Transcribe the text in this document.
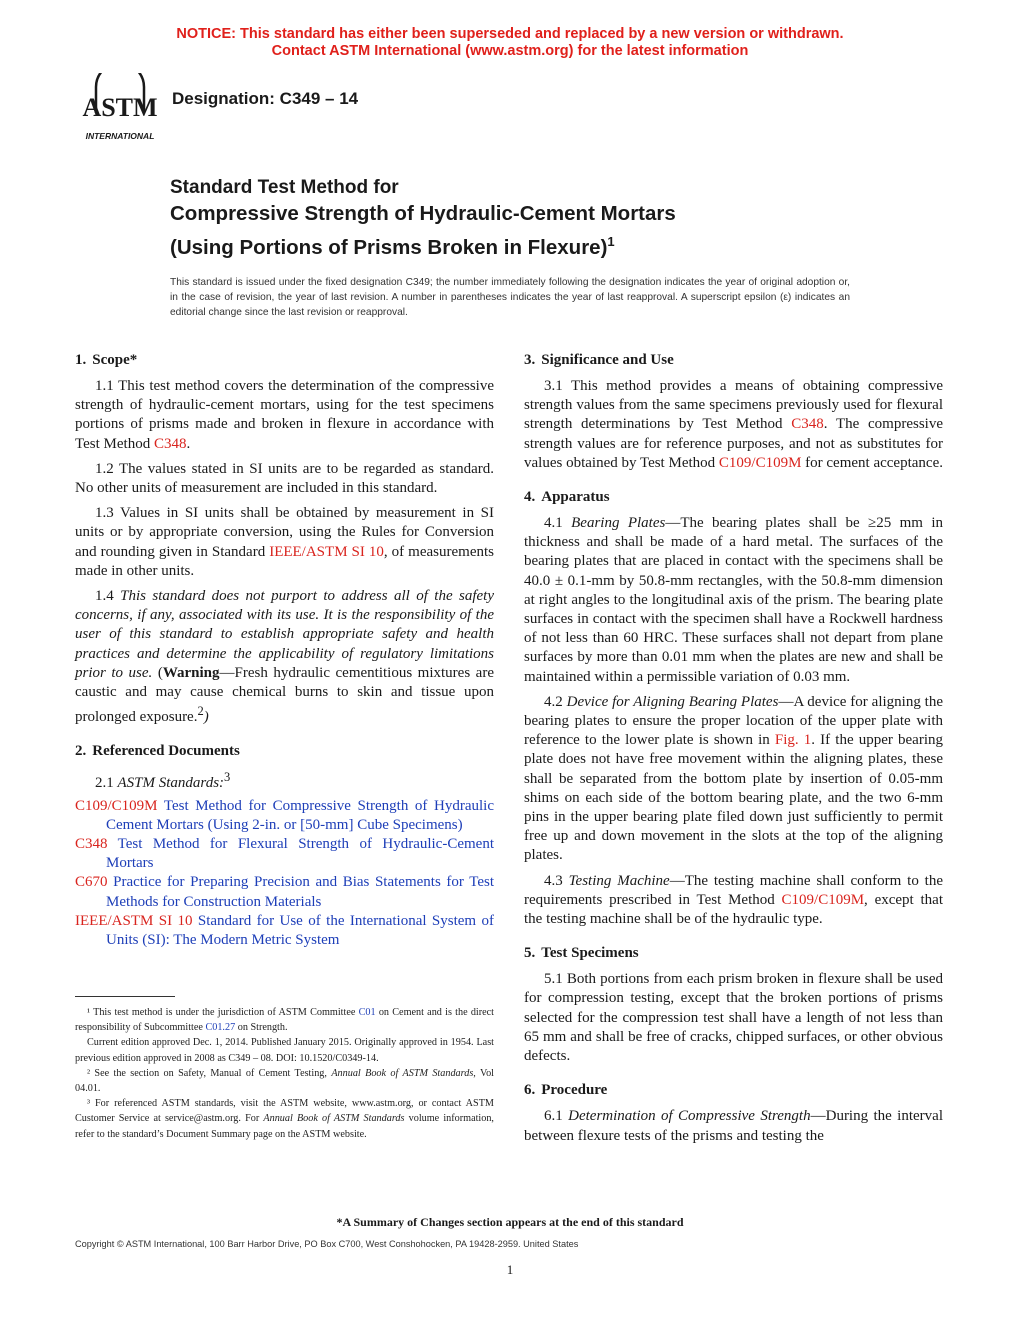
NOTICE: This standard has either been superseded and replaced by a new version or withdrawn.
Contact ASTM International (www.astm.org) for the latest information
ASTM
INTERNATIONAL
Designation: C349 – 14
Standard Test Method for
Compressive Strength of Hydraulic-Cement Mortars
(Using Portions of Prisms Broken in Flexure)$^1$
This standard is issued under the fixed designation C349; the number immediately following the designation indicates the year of original adoption or, in the case of revision, the year of last revision. A number in parentheses indicates the year of last reapproval. A superscript epsilon (ε) indicates an editorial change since the last revision or reapproval.
1. Scope*

1.1 This test method covers the determination of the compressive strength of hydraulic-cement mortars, using for the test specimens portions of prisms made and broken in flexure in accordance with Test Method C348.

1.2 The values stated in SI units are to be regarded as standard. No other units of measurement are included in this standard.

1.3 Values in SI units shall be obtained by measurement in SI units or by appropriate conversion, using the Rules for Conversion and rounding given in Standard IEEE/ASTM SI 10, of measurements made in other units.

1.4 This standard does not purport to address all of the safety concerns, if any, associated with its use. It is the responsibility of the user of this standard to establish appropriate safety and health practices and determine the applicability of regulatory limitations prior to use. (Warning—Fresh hydraulic cementitious mixtures are caustic and may cause chemical burns to skin and tissue upon prolonged exposure.$^2$)

2. Referenced Documents

2.1 ASTM Standards:$^3$

C109/C109M Test Method for Compressive Strength of Hydraulic Cement Mortars (Using 2-in. or [50-mm] Cube Specimens)

C348 Test Method for Flexural Strength of Hydraulic-Cement Mortars

C670 Practice for Preparing Precision and Bias Statements for Test Methods for Construction Materials

IEEE/ASTM SI 10 Standard for Use of the International System of Units (SI): The Modern Metric System

¹ This test method is under the jurisdiction of ASTM Committee C01 on Cement and is the direct responsibility of Subcommittee C01.27 on Strength.

Current edition approved Dec. 1, 2014. Published January 2015. Originally approved in 1954. Last previous edition approved in 2008 as C349 – 08. DOI: 10.1520/C0349-14.

² See the section on Safety, Manual of Cement Testing, Annual Book of ASTM Standards, Vol 04.01.

³ For referenced ASTM standards, visit the ASTM website, www.astm.org, or contact ASTM Customer Service at service@astm.org. For Annual Book of ASTM Standards volume information, refer to the standard’s Document Summary page on the ASTM website.

3. Significance and Use

3.1 This method provides a means of obtaining compressive strength values from the same specimens previously used for flexural strength determinations by Test Method C348. The compressive strength values are for reference purposes, and not as substitutes for values obtained by Test Method C109/C109M for cement acceptance.

4. Apparatus

4.1 Bearing Plates—The bearing plates shall be ≥25 mm in thickness and shall be made of a hard metal. The surfaces of the bearing plates that are placed in contact with the specimens shall be 40.0 ± 0.1-mm by 50.8-mm rectangles, with the 50.8-mm dimension at right angles to the longitudinal axis of the prism. The bearing plate surfaces in contact with the specimen shall have a Rockwell hardness of not less than 60 HRC. These surfaces shall not depart from plane surfaces by more than 0.01 mm when the plates are new and shall be maintained within a permissible variation of 0.03 mm.

4.2 Device for Aligning Bearing Plates—A device for aligning the bearing plates to ensure the proper location of the upper plate with reference to the lower plate is shown in Fig. 1. If the upper bearing plate does not have free movement within the aligning plates, these shall be separated from the bottom plate by insertion of 0.05-mm shims on each side of the bottom bearing plate, and the two 6-mm pins in the upper bearing plate filed down just sufficiently to permit free up and down movement in the slots at the top of the aligning plates.

4.3 Testing Machine—The testing machine shall conform to the requirements prescribed in Test Method C109/C109M, except that the testing machine shall be of the hydraulic type.

5. Test Specimens

5.1 Both portions from each prism broken in flexure shall be used for compression testing, except that the broken portions of prisms selected for the compression test shall have a length of not less than 65 mm and shall be free of cracks, chipped surfaces, or other obvious defects.

6. Procedure

6.1 Determination of Compressive Strength—During the interval between flexure tests of the prisms and testing the

*A Summary of Changes section appears at the end of this standard
Copyright © ASTM International, 100 Barr Harbor Drive, PO Box C700, West Conshohocken, PA 19428-2959. United States
1
